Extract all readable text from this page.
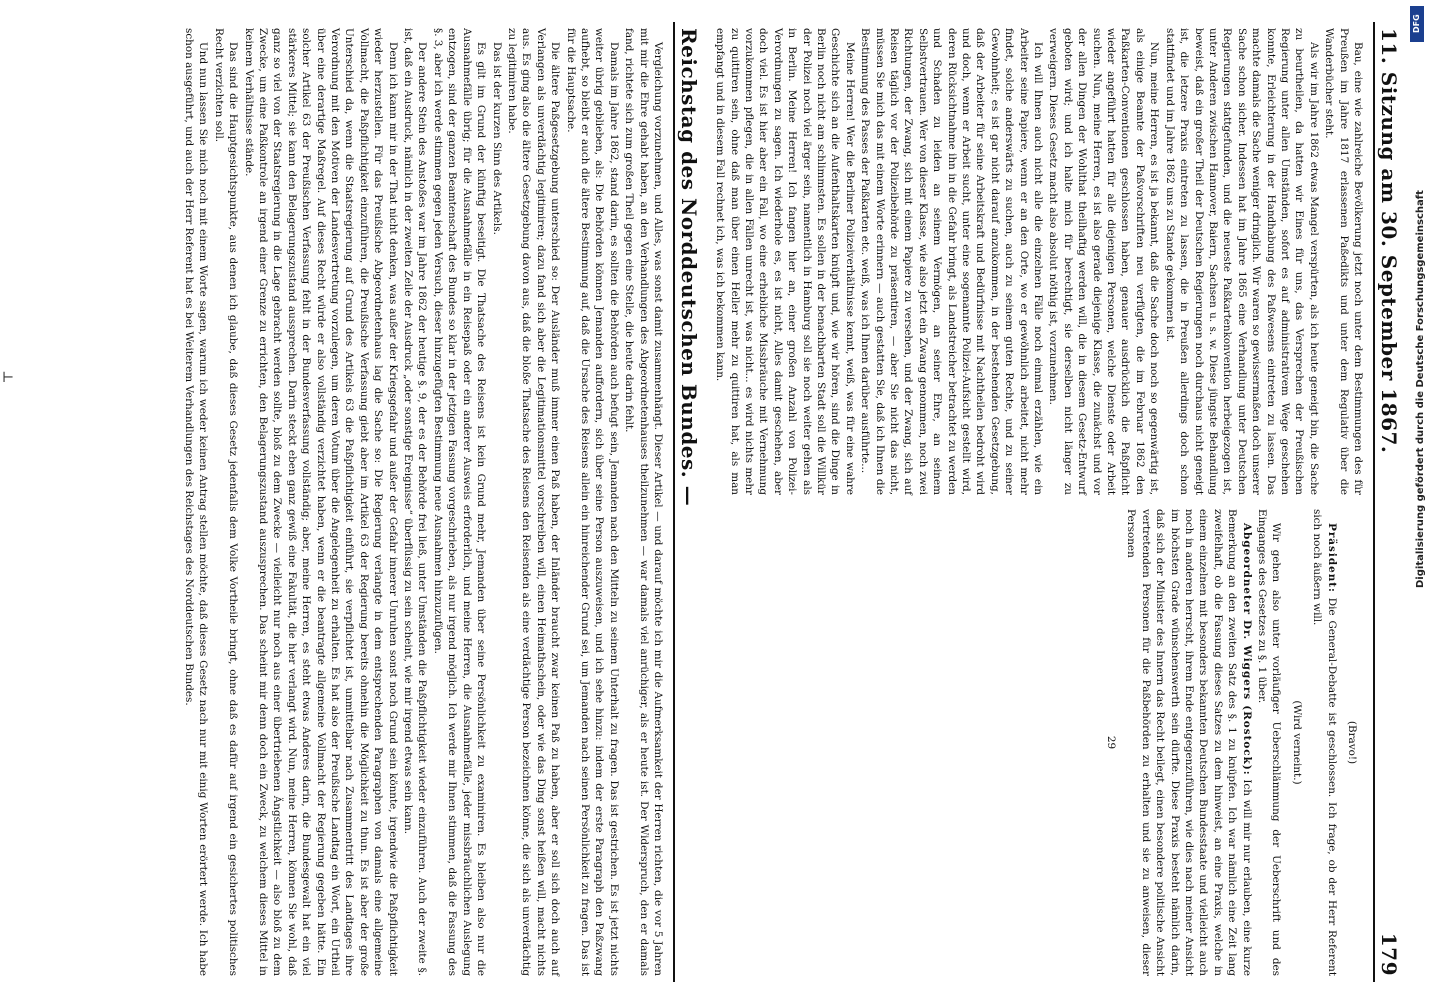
Reichstag des Norddeutschen Bundes. —

Vergleichung vorzunehmen, und Alles, was sonst damit zusammenhängt. Dieser Artikel — und darauf möchte ich mir die Aufmerksamkeit der Herren richten, die vor 5 Jahren mit mir die Ehre gehabt haben, an den Verhandlungen des Abgeordnetenhauses theilzunehmen — war damals viel anrüchiger, als er heute ist. Der Widerspruch, den er damals fand, richtete sich zum großen Theil gegen eine Stelle, die heute darin fehlt.

Damals im Jahre 1862, stand darin, es sollten die Behörden auch befugt sein, Jemanden nach den Mitteln zu seinem Unterhalt zu fragen. Das ist gestrichen. Es ist jetzt nichts weiter übrig geblieben, als: Die Behörden können Jemanden auffordern, sich über seine Person auszuweisen, und ich sehe hinzu: indem der erste Paragraph den Paßzwang aufhebt, so bleibt er auch die ältere Bestimmung auf, daß die Ursache des Reisens allein ein hinreichender Grund sei, um Jemanden nach seinen Persönlichkeit zu fragen. Das ist für die Hauptsache.

Die ältere Paßgesetzgebung unterschied so: Der Ausländer muß immer einen Paß haben, der Inländer braucht zwar keinen Paß zu haben, aber er soll sich doch auch auf Verlangen als unverdächtig legitimiren; dazu fand sich aber die Legitimationsmittel vorschreiben will, einen Heimathschein, oder wie das Ding sonst heißen will, macht nichts aus. Es ging also die ältere Gesetzgebung davon aus, daß die bloße Thatsache des Reisens den Reisenden als eine verdächtige Person bezeichnen könne, die sich als unverdächtig zu legitimiren habe.

Das ist der kurzen Sinn des Artikels.

Es gilt im Grund der künftig beseitigt. Die Thatsache des Reisens ist kein Grund mehr, Jemanden über seine Persönlichkeit zu examiniren. Es bleiben also nur die Ausnahmefälle übrig; für die Ausnahmefälle in ein Reisepaß oder ein anderer Ausweis erforderlich, und meine Herren, die Ausnahmefälle, jeder missbräuchlichen Auslegung entzogen, sind der ganzen Beamtenschaft des Bundes so klar in der jetzigen Fassung vorgeschrieben, als nur irgend möglich. Ich werde mir Ihnen stimmen, daß die Fassung des §. 3, aber ich werde stimmen gegen jeden Versuch, dieser hinzugefügten Bestimmung neue Ausnahmen hinzuzufügen.

Der andere Stein des Anstoßes war im Jahre 1862 der heutige §. 9, der es der Behörde frei ließ, unter Umständen die Paßpflichtigkeit wieder einzuführen. Auch der zweite §. ist, daß ein Ausdruck, nämlich in der zweiten Zeile der Ausdruck „oder sonstige Ereignisse“ überflüssig zu sein scheint, wie mir irgend etwas sein kann.

Denn ich kann mir in der That nicht denken, was außer der Kriegsgefahr und außer der Gefahr innerer Unruhen sonst noch Grund sein könnte, irgendwie die Paßpflichtigkeit wieder herzustellen. Für das Preußische Abgeordnetenhaus lag die Sache so: Die Regierung verlangte in dem entsprechenden Paragraphen von damals eine allgemeine Vollmacht, die Paßpflichtigkeit einzuführen, die Preußische Verfassung giebt aber im Artikel 63 der Regierung bereits ohnehin die Möglichkeit zu thun. Es ist aber der große Unterschied da, wenn die Staatsregierung auf Grund des Artikels 63 die Paßpflichtigkeit einführt, sie verpflichtet ist, unmittelbar nach Zusammentritt des Landtages ihre Verordnung mit den Motiven der Landesvertretung vorzulegen, um deren Votum über die Angelegenheit zu erhalten. Es hat also der Preußische Landtag ein Wort, ein Urtheil über eine derartige Maßregel. Auf dieses Recht würde er also vollständig verzichtet haben, wenn er die beantragte allgemeine Vollmacht der Regierung gegeben hätte. Ein solcher Artikel 63 der Preußischen Verfassung fehlt in der Bundesverfassung vollständig; aber, meine Herren, es steht etwas Anderes darin, die Bundesgewalt hat ein viel stärkeres Mittel; sie kann den Belagerungszustand aussprechen. Darin steckt eben ganz gewiß eine Fakultät, die hier verlangt wird. Nun, meine Herren, können Sie wohl, daß ganz so viel von der Staatsregierung in die Lage gebracht werden sollte, bloß zu dem Zwecke — vielleicht nur noch aus einer übertriebenen Ängstlichkeit — also bloß zu dem Zwecke, um eine Paßkontrole an irgend einer Grenze zu errichten, den Belagerungszustand auszusprechen. Das scheint mir denn doch ein Zweck, zu welchem dieses Mittel in keinem Verhältnisse stände.

Das sind die Hauptgesichtspunkte, aus denen ich glaube, daß dieses Gesetz jedenfalls dem Volke Vortheile bringt, ohne daß es dafür auf irgend ein gesichertes politisches Recht verzichten soll.

Und nun lassen Sie mich noch mit einem Worte sagen, warum ich weder keinen Antrag stellen möchte, daß dieses Gesetz nach nur mit einig Worten erörtert werde. Ich habe schon ausgeführt, und auch der Herr Referent hat es bei Weiterem Verhandlungen des Reichstages des Norddeutschen Bundes.	11. Sitzung am 30. September 1867.
179

Bau, eine wie zahlreiche Bevölkerung jetzt noch unter dem Bestimmungen des für Preußen im Jahre 1817 erlassenen Paßedikts und unter dem Regulativ über die Wanderbücher steht.

Als wir im Jahre 1862 etwas Mangel verspürten, als ich heute geneigt bin, die Sache zu beurtheilen, da hatten wir Eines für uns, das Versprechen der Preußischen Regierung unter allen Umständen, sofort es auf administrativem Wege geschehen konnte, Erleichterung in der Handhabung des Paßwesens eintreten zu lassen. Das machte damals die Sache weniger dringlich. Wir waren so gewissermaßen doch unserer Sache schon sicher. Indessen hat im Jahre 1865 eine Verhandlung unter Deutschen Regierungen stattgefunden, und die neueste Paßkartenkonvention herbeigezogen ist, unter Anderen zwischen Hannover, Baiern, Sachsen u. s. w. Diese jüngste Behandlung beweist, daß ein großer Theil der Deutschen Regierungen noch durchaus nicht geneigt ist, die letzere Praxis eintreten zu lassen, die in Preußen allerdings doch schon stattfindet und im Jahre 1862 uns zu Stande gekommen ist.

Nun, meine Herren, es ist ja bekannt, daß die Sache doch noch so gegenwärtig ist, als einige Beamte der Paßvorschriften neu verfügten, die im Februar 1862 den Paßkarten-Conventionen geschlossen haben, genauer ausdrücklich die Paßpflicht wieder angeführt hatten für alle diejenigen Personen, welche Dienste oder Arbeit suchen. Nun, meine Herren, es ist also gerade diejenige Klasse, die zunächst und vor der allen Dingen der Wohlthat theilhaftig werden will, die in diesem Gesetz-Entwurf geboten wird; und ich halte mich für berechtigt, sie derselben nicht länger zu verweigern. Dieses Gesetz macht also absolut nöthig ist, vorzunehmen.

Ich will Ihnen auch nicht alle die einzelnen Fälle noch einmal erzählen, wie ein Arbeiter seine Papiere, wenn er an den Orte, wo er gewöhnlich arbeitet, nicht mehr findet, solche anderswärts zu suchen, auch zu seinem guten Rechte, und zu seiner Gewohnheit; es ist gar nicht darauf anzukommen, in der bestehenden Gesetzgebung, daß der Arbeiter für seine Arbeitskraft und Bedürfnisse mit Nachtheilen bedroht wird und doch, wenn er Arbeit sucht, unter eine sogenannte Polizei-Aufsicht gestellt wird, deren Rücksichtnahme ihn in die Gefahr bringt, als Landstreicher betrachtet zu werden und Schaden zu leiden an seinem Vermögen, an seiner Ehre, an seinem Selbstvertrauen. Wer von dieser Klasse, wie also jetzt ein Zwang genommen, noch zwei Richtungen, der Zwang, sich mit einem Papiere zu versehen, und der Zwang, sich auf Reisen täglich vor der Polizeibehörde zu präsentiren, — aber Sie nicht das nicht, müssen Sie mich das mit einem Worte erinnern — auch gestatten Sie, daß ich Ihnen die Bestimmung des Passes der Paßkarten etc. weiß, was ich Ihnen darüber ausführte...

Meine Herren! Wer die Berliner Polizeiverhältnisse kennt, weiß, was für eine wahre Geschichte sich an die Aufenthaltskarten knüpft und, wie wir hören, sind die Dinge in Berlin noch nicht am schlimmsten. Es sollen in der benachbarten Stadt soll die Willkür der Polizei noch viel ärger sein, namentlich in Hamburg soll sie noch weiter gehen als in Berlin. Meine Herren! Ich fangen hier an, einer großen Anzahl von Polizei-Verordnungen zu sagen. Ich wiederhole es, es ist nicht, Alles damit geschehen, aber doch viel. Es ist hier aber ein Fall, wo eine erhebliche Missbräuche mit Vernehmung vorzukommen pflegen, die in allen Fällen unrecht ist, was nicht... es wird nichts mehr zu quittiren sein, ohne daß man über einen Heller mehr zu quittiren hat, als man empfangt und in diesem Fall rechnet ich, was ich bekommen kann.

(Bravo!)

Präsident: Die General-Debatte ist geschlossen. Ich frage, ob der Herr Referent sich noch äußern will.

(Wird verneint.)

Wir gehen also unter vorläufiger Ueberschlämmung der Ueberschrift und des Einganges des Gesetzes zu §. 1 über.

Abgeordneter Dr. Wiggers (Rostock): Ich will mir nur erlauben, eine kurze Bemerkung an den zweiten Satz des §. 1 zu knüpfen. Ich war nämlich eine Zeit lang zweifelhaft, ob die Fassung dieses Satzes zu dem hinweist, an eine Praxis, welche in einem einzelnen mit besonders bekannten Deutschen Bundesstaate und vielleicht auch noch in anderen herrscht, ihrem Ende entgegenzuführen, wie dies nach meiner Ansicht im höchsten Grade wünschenswerth sein dürfte. Diese Praxis besteht nämlich darin, daß sich der Minister des Innern das Recht beilegt, einen besondere politische Ansicht vertretenden Personen für die Paßbehörden zu erhalten und sie zu anweisen, dieser Personen

29
DFG
Digitalisierung gefördert durch die Deutsche Forschungsgemeinschaft
⊢
